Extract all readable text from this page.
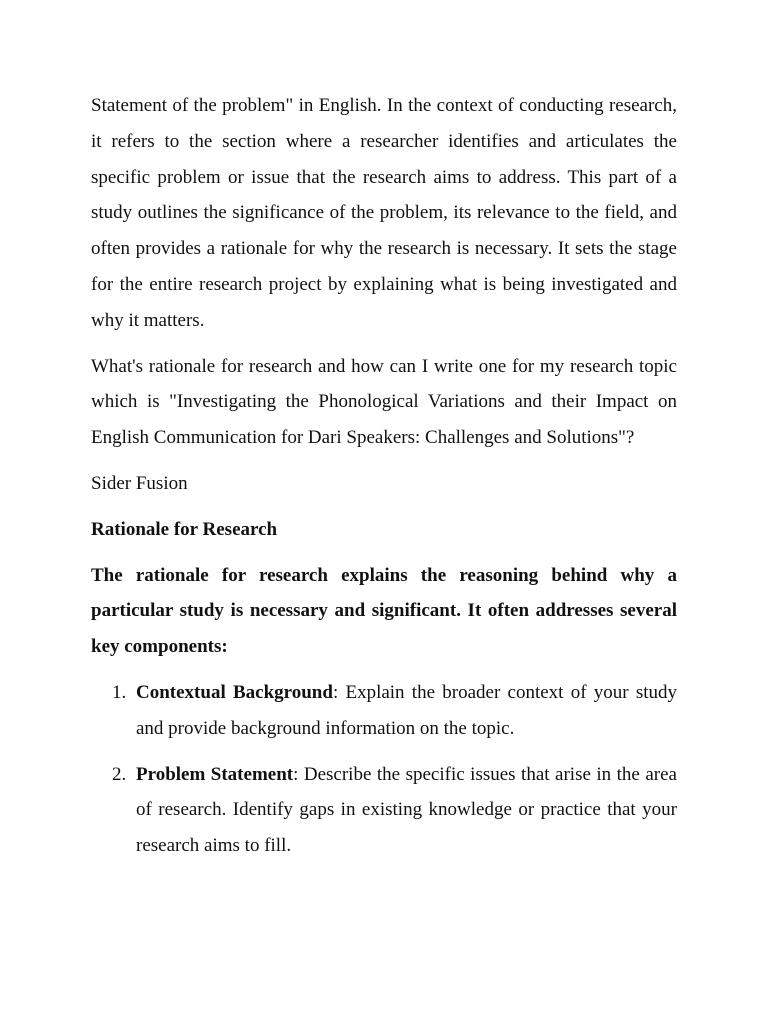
Statement of the problem" in English. In the context of conducting research, it refers to the section where a researcher identifies and articulates the specific problem or issue that the research aims to address. This part of a study outlines the significance of the problem, its relevance to the field, and often provides a rationale for why the research is necessary. It sets the stage for the entire research project by explaining what is being investigated and why it matters.

What's rationale for research and how can I write one for my research topic which is "Investigating the Phonological Variations and their Impact on English Communication for Dari Speakers: Challenges and Solutions"?

Sider Fusion

Rationale for Research

The rationale for research explains the reasoning behind why a particular study is necessary and significant. It often addresses several key components:

1. Contextual Background: Explain the broader context of your study and provide background information on the topic.
2. Problem Statement: Describe the specific issues that arise in the area of research. Identify gaps in existing knowledge or practice that your research aims to fill.
